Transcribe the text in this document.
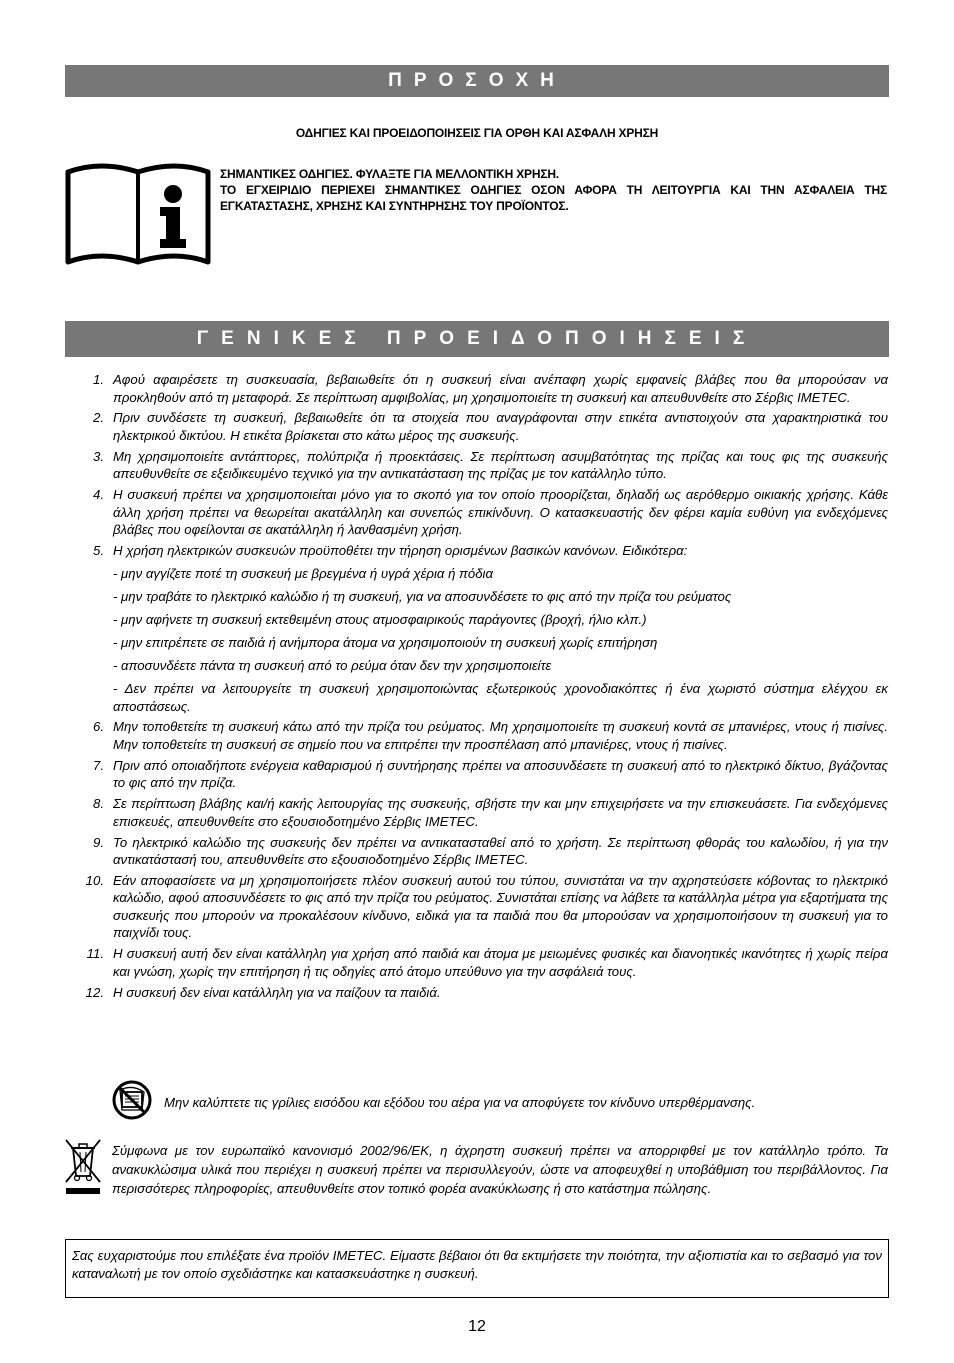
ΠΡΟΣΟΧΗ
ΟΔΗΓΙΕΣ ΚΑΙ ΠΡΟΕΙΔΟΠΟΙΗΣΕΙΣ ΓΙΑ ΟΡΘΗ ΚΑΙ ΑΣΦΑΛΗ ΧΡΗΣΗ
ΣΗΜΑΝΤΙΚΕΣ ΟΔΗΓΙΕΣ. ΦΥΛΑΞΤΕ ΓΙΑ ΜΕΛΛΟΝΤΙΚΗ ΧΡΗΣΗ.
ΤΟ ΕΓΧΕΙΡΙΔΙΟ ΠΕΡΙΕΧΕΙ ΣΗΜΑΝΤΙΚΕΣ ΟΔΗΓΙΕΣ ΟΣΟΝ ΑΦΟΡΑ ΤΗ ΛΕΙΤΟΥΡΓΙΑ ΚΑΙ ΤΗΝ ΑΣΦΑΛΕΙΑ ΤΗΣ ΕΓΚΑΤΑΣΤΑΣΗΣ, ΧΡΗΣΗΣ ΚΑΙ ΣΥΝΤΗΡΗΣΗΣ ΤΟΥ ΠΡΟΪΟΝΤΟΣ.
ΓΕΝΙΚΕΣ ΠΡΟΕΙΔΟΠΟΙΗΣΕΙΣ
1. Αφού αφαιρέσετε τη συσκευασία, βεβαιωθείτε ότι η συσκευή είναι ανέπαφη χωρίς εμφανείς βλάβες που θα μπορούσαν να προκληθούν από τη μεταφορά. Σε περίπτωση αμφιβολίας, μη χρησιμοποιείτε τη συσκευή και απευθυνθείτε στο Σέρβις IMETEC.
2. Πριν συνδέσετε τη συσκευή, βεβαιωθείτε ότι τα στοιχεία που αναγράφονται στην ετικέτα αντιστοιχούν στα χαρακτηριστικά του ηλεκτρικού δικτύου. Η ετικέτα βρίσκεται στο κάτω μέρος της συσκευής.
3. Μη χρησιμοποιείτε αντάπτορες, πολύπριζα ή προεκτάσεις. Σε περίπτωση ασυμβατότητας της πρίζας και τους φις της συσκευής απευθυνθείτε σε εξειδικευμένο τεχνικό για την αντικατάσταση της πρίζας με τον κατάλληλο τύπο.
4. Η συσκευή πρέπει να χρησιμοποιείται μόνο για το σκοπό για τον οποίο προορίζεται, δηλαδή ως αερόθερμο οικιακής χρήσης. Κάθε άλλη χρήση πρέπει να θεωρείται ακατάλληλη και συνεπώς επικίνδυνη. Ο κατασκευαστής δεν φέρει καμία ευθύνη για ενδεχόμενες βλάβες που οφείλονται σε ακατάλληλη ή λανθασμένη χρήση.
5. Η χρήση ηλεκτρικών συσκευών προϋποθέτει την τήρηση ορισμένων βασικών κανόνων. Ειδικότερα:
- μην αγγίζετε ποτέ τη συσκευή με βρεγμένα ή υγρά χέρια ή πόδια
- μην τραβάτε το ηλεκτρικό καλώδιο ή τη συσκευή, για να αποσυνδέσετε το φις από την πρίζα του ρεύματος
- μην αφήνετε τη συσκευή εκτεθειμένη στους ατμοσφαιρικούς παράγοντες (βροχή, ήλιο κλπ.)
- μην επιτρέπετε σε παιδιά ή ανήμπορα άτομα να χρησιμοποιούν τη συσκευή χωρίς επιτήρηση
- αποσυνδέετε πάντα τη συσκευή από το ρεύμα όταν δεν την χρησιμοποιείτε
- Δεν πρέπει να λειτουργείτε τη συσκευή χρησιμοποιώντας εξωτερικούς χρονοδιακόπτες ή ένα χωριστό σύστημα ελέγχου εκ αποστάσεως.
6. Μην τοποθετείτε τη συσκευή κάτω από την πρίζα του ρεύματος. Μη χρησιμοποιείτε τη συσκευή κοντά σε μπανιέρες, ντους ή πισίνες. Μην τοποθετείτε τη συσκευή σε σημείο που να επιτρέπει την προσπέλαση από μπανιέρες, ντους ή πισίνες.
7. Πριν από οποιαδήποτε ενέργεια καθαρισμού ή συντήρησης πρέπει να αποσυνδέσετε τη συσκευή από το ηλεκτρικό δίκτυο, βγάζοντας το φις από την πρίζα.
8. Σε περίπτωση βλάβης και/ή κακής λειτουργίας της συσκευής, σβήστε την και μην επιχειρήσετε να την επισκευάσετε. Για ενδεχόμενες επισκευές, απευθυνθείτε στο εξουσιοδοτημένο Σέρβις IMETEC.
9. Το ηλεκτρικό καλώδιο της συσκευής δεν πρέπει να αντικατασταθεί από το χρήστη. Σε περίπτωση φθοράς του καλωδίου, ή για την αντικατάστασή του, απευθυνθείτε στο εξουσιοδοτημένο Σέρβις IMETEC.
10. Εάν αποφασίσετε να μη χρησιμοποιήσετε πλέον συσκευή αυτού του τύπου, συνιστάται να την αχρηστεύσετε κόβοντας το ηλεκτρικό καλώδιο, αφού αποσυνδέσετε το φις από την πρίζα του ρεύματος. Συνιστάται επίσης να λάβετε τα κατάλληλα μέτρα για εξαρτήματα της συσκευής που μπορούν να προκαλέσουν κίνδυνο, ειδικά για τα παιδιά που θα μπορούσαν να χρησιμοποιήσουν τη συσκευή για το παιχνίδι τους.
11. Η συσκευή αυτή δεν είναι κατάλληλη για χρήση από παιδιά και άτομα με μειωμένες φυσικές και διανοητικές ικανότητες ή χωρίς πείρα και γνώση, χωρίς την επιτήρηση ή τις οδηγίες από άτομο υπεύθυνο για την ασφάλειά τους.
12. Η συσκευή δεν είναι κατάλληλη για να παίζουν τα παιδιά.
Μην καλύπτετε τις γρίλιες εισόδου και εξόδου του αέρα για να αποφύγετε τον κίνδυνο υπερθέρμανσης.
Σύμφωνα με τον ευρωπαϊκό κανονισμό 2002/96/ΕΚ, η άχρηστη συσκευή πρέπει να απορριφθεί με τον κατάλληλο τρόπο. Τα ανακυκλώσιμα υλικά που περιέχει η συσκευή πρέπει να περισυλλεγούν, ώστε να αποφευχθεί η υποβάθμιση του περιβάλλοντος. Για περισσότερες πληροφορίες, απευθυνθείτε στον τοπικό φορέα ανακύκλωσης ή στο κατάστημα πώλησης.
Σας ευχαριστούμε που επιλέξατε ένα προϊόν IMETEC. Είμαστε βέβαιοι ότι θα εκτιμήσετε την ποιότητα, την αξιοπιστία και το σεβασμό για τον καταναλωτή με τον οποίο σχεδιάστηκε και κατασκευάστηκε η συσκευή.
12
